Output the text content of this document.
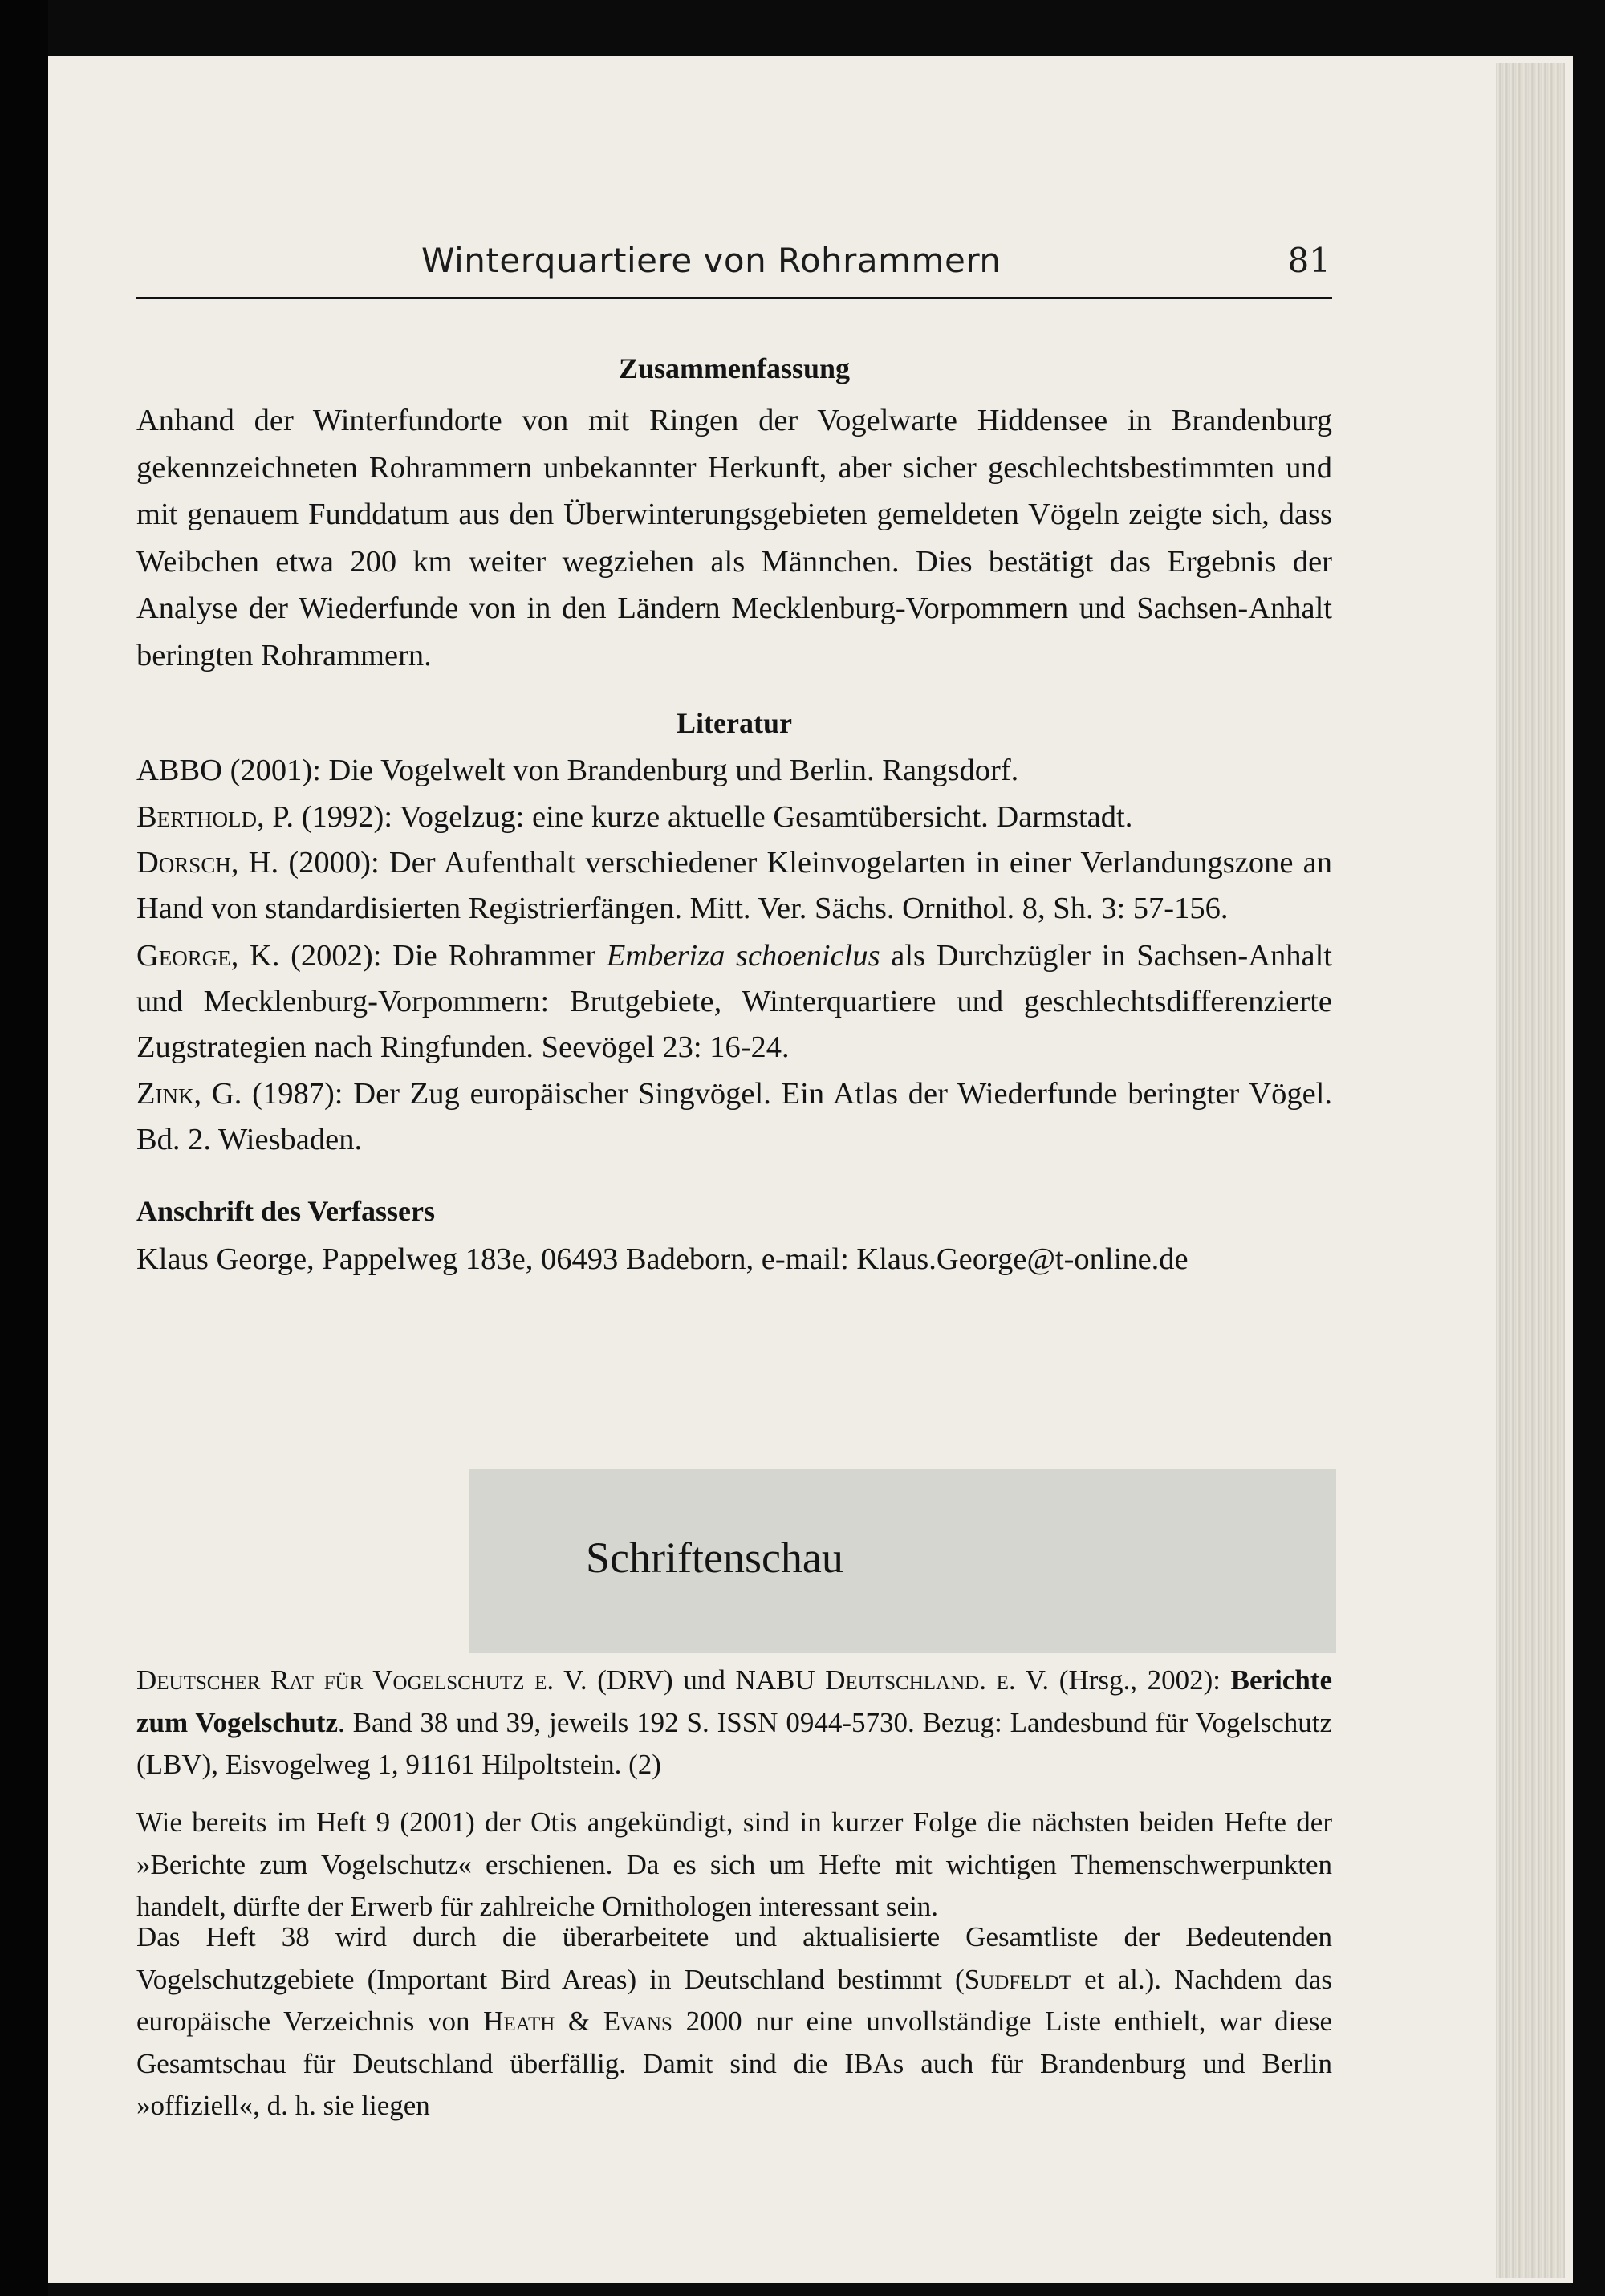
Winterquartiere von Rohrammern	81
Zusammenfassung
Anhand der Winterfundorte von mit Ringen der Vogelwarte Hiddensee in Brandenburg gekennzeichneten Rohrammern unbekannter Herkunft, aber sicher geschlechtsbestimmten und mit genauem Funddatum aus den Überwinterungsgebieten gemeldeten Vögeln zeigte sich, dass Weibchen etwa 200 km weiter wegziehen als Männchen. Dies bestätigt das Ergebnis der Analyse der Wiederfunde von in den Ländern Mecklenburg-Vorpommern und Sachsen-Anhalt beringten Rohrammern.
Literatur
ABBO (2001): Die Vogelwelt von Brandenburg und Berlin. Rangsdorf.
Berthold, P. (1992): Vogelzug: eine kurze aktuelle Gesamtübersicht. Darmstadt.
Dorsch, H. (2000): Der Aufenthalt verschiedener Kleinvogelarten in einer Verlandungszone an Hand von standardisierten Registrierfängen. Mitt. Ver. Sächs. Ornithol. 8, Sh. 3: 57-156.
George, K. (2002): Die Rohrammer Emberiza schoeniclus als Durchzügler in Sachsen-Anhalt und Mecklenburg-Vorpommern: Brutgebiete, Winterquartiere und geschlechtsdifferenzierte Zugstrategien nach Ringfunden. Seevögel 23: 16-24.
Zink, G. (1987): Der Zug europäischer Singvögel. Ein Atlas der Wiederfunde beringter Vögel. Bd. 2. Wiesbaden.
Anschrift des Verfassers
Klaus George, Pappelweg 183e, 06493 Badeborn, e-mail: Klaus.George@t-online.de
Schriftenschau
Deutscher Rat für Vogelschutz e. V. (DRV) und NABU Deutschland. e. V. (Hrsg., 2002): Berichte zum Vogelschutz. Band 38 und 39, jeweils 192 S. ISSN 0944-5730. Bezug: Landesbund für Vogelschutz (LBV), Eisvogelweg 1, 91161 Hilpoltstein. (2)
Wie bereits im Heft 9 (2001) der Otis angekündigt, sind in kurzer Folge die nächsten beiden Hefte der »Berichte zum Vogelschutz« erschienen. Da es sich um Hefte mit wichtigen Themenschwerpunkten handelt, dürfte der Erwerb für zahlreiche Ornithologen interessant sein.
Das Heft 38 wird durch die überarbeitete und aktualisierte Gesamtliste der Bedeutenden Vogelschutzgebiete (Important Bird Areas) in Deutschland bestimmt (Sudfeldt et al.). Nachdem das europäische Verzeichnis von Heath & Evans 2000 nur eine unvollständige Liste enthielt, war diese Gesamtschau für Deutschland überfällig. Damit sind die IBAs auch für Brandenburg und Berlin »offiziell«, d. h. sie liegen
